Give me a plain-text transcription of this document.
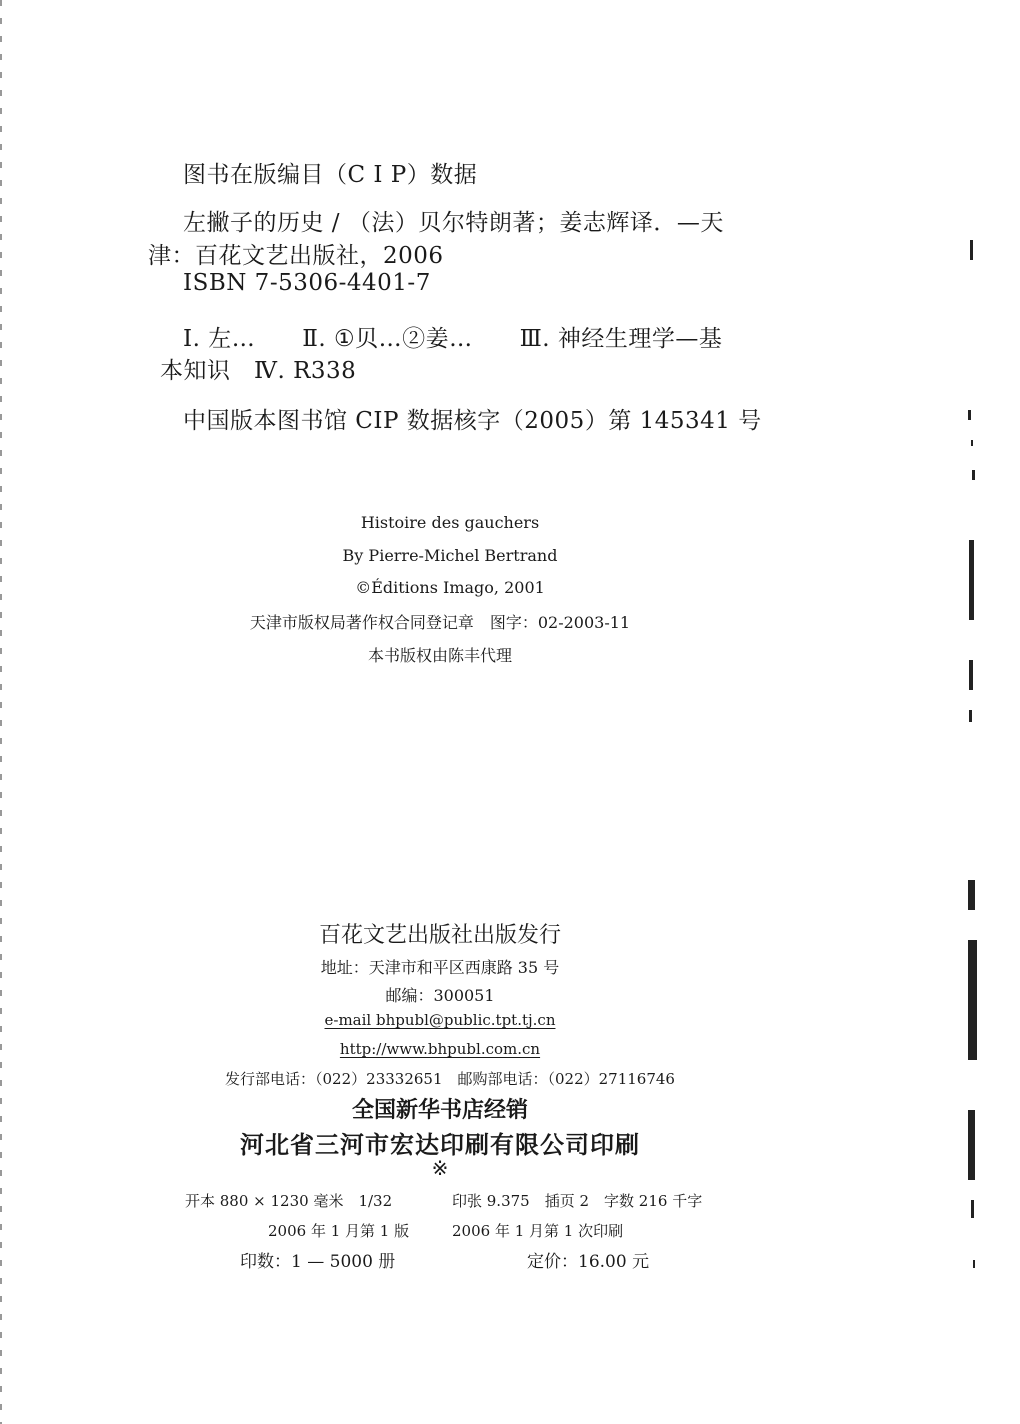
图书在版编目（C I P）数据
左撇子的历史 / （法）贝尔特朗著；姜志辉译．—天
津：百花文艺出版社，2006
ISBN 7-5306-4401-7
Ⅰ. 左…　　Ⅱ. ①贝…②姜…　　Ⅲ. 神经生理学—基
本知识　Ⅳ. R338
中国版本图书馆 CIP 数据核字（2005）第 145341 号
Histoire des gauchers
By Pierre-Michel Bertrand
©Éditions Imago, 2001
天津市版权局著作权合同登记章　图字：02-2003-11
本书版权由陈丰代理
百花文艺出版社出版发行
地址：天津市和平区西康路 35 号
邮编：300051
e-mail bhpubl@public.tpt.tj.cn
http://www.bhpubl.com.cn
发行部电话：（022）23332651　邮购部电话：（022）27116746
全国新华书店经销
河北省三河市宏达印刷有限公司印刷
※
开本 880 × 1230 毫米　1/32	印张 9.375　插页 2　字数 216 千字
2006 年 1 月第 1 版	2006 年 1 月第 1 次印刷
印数：1 — 5000 册	定价：16.00 元
